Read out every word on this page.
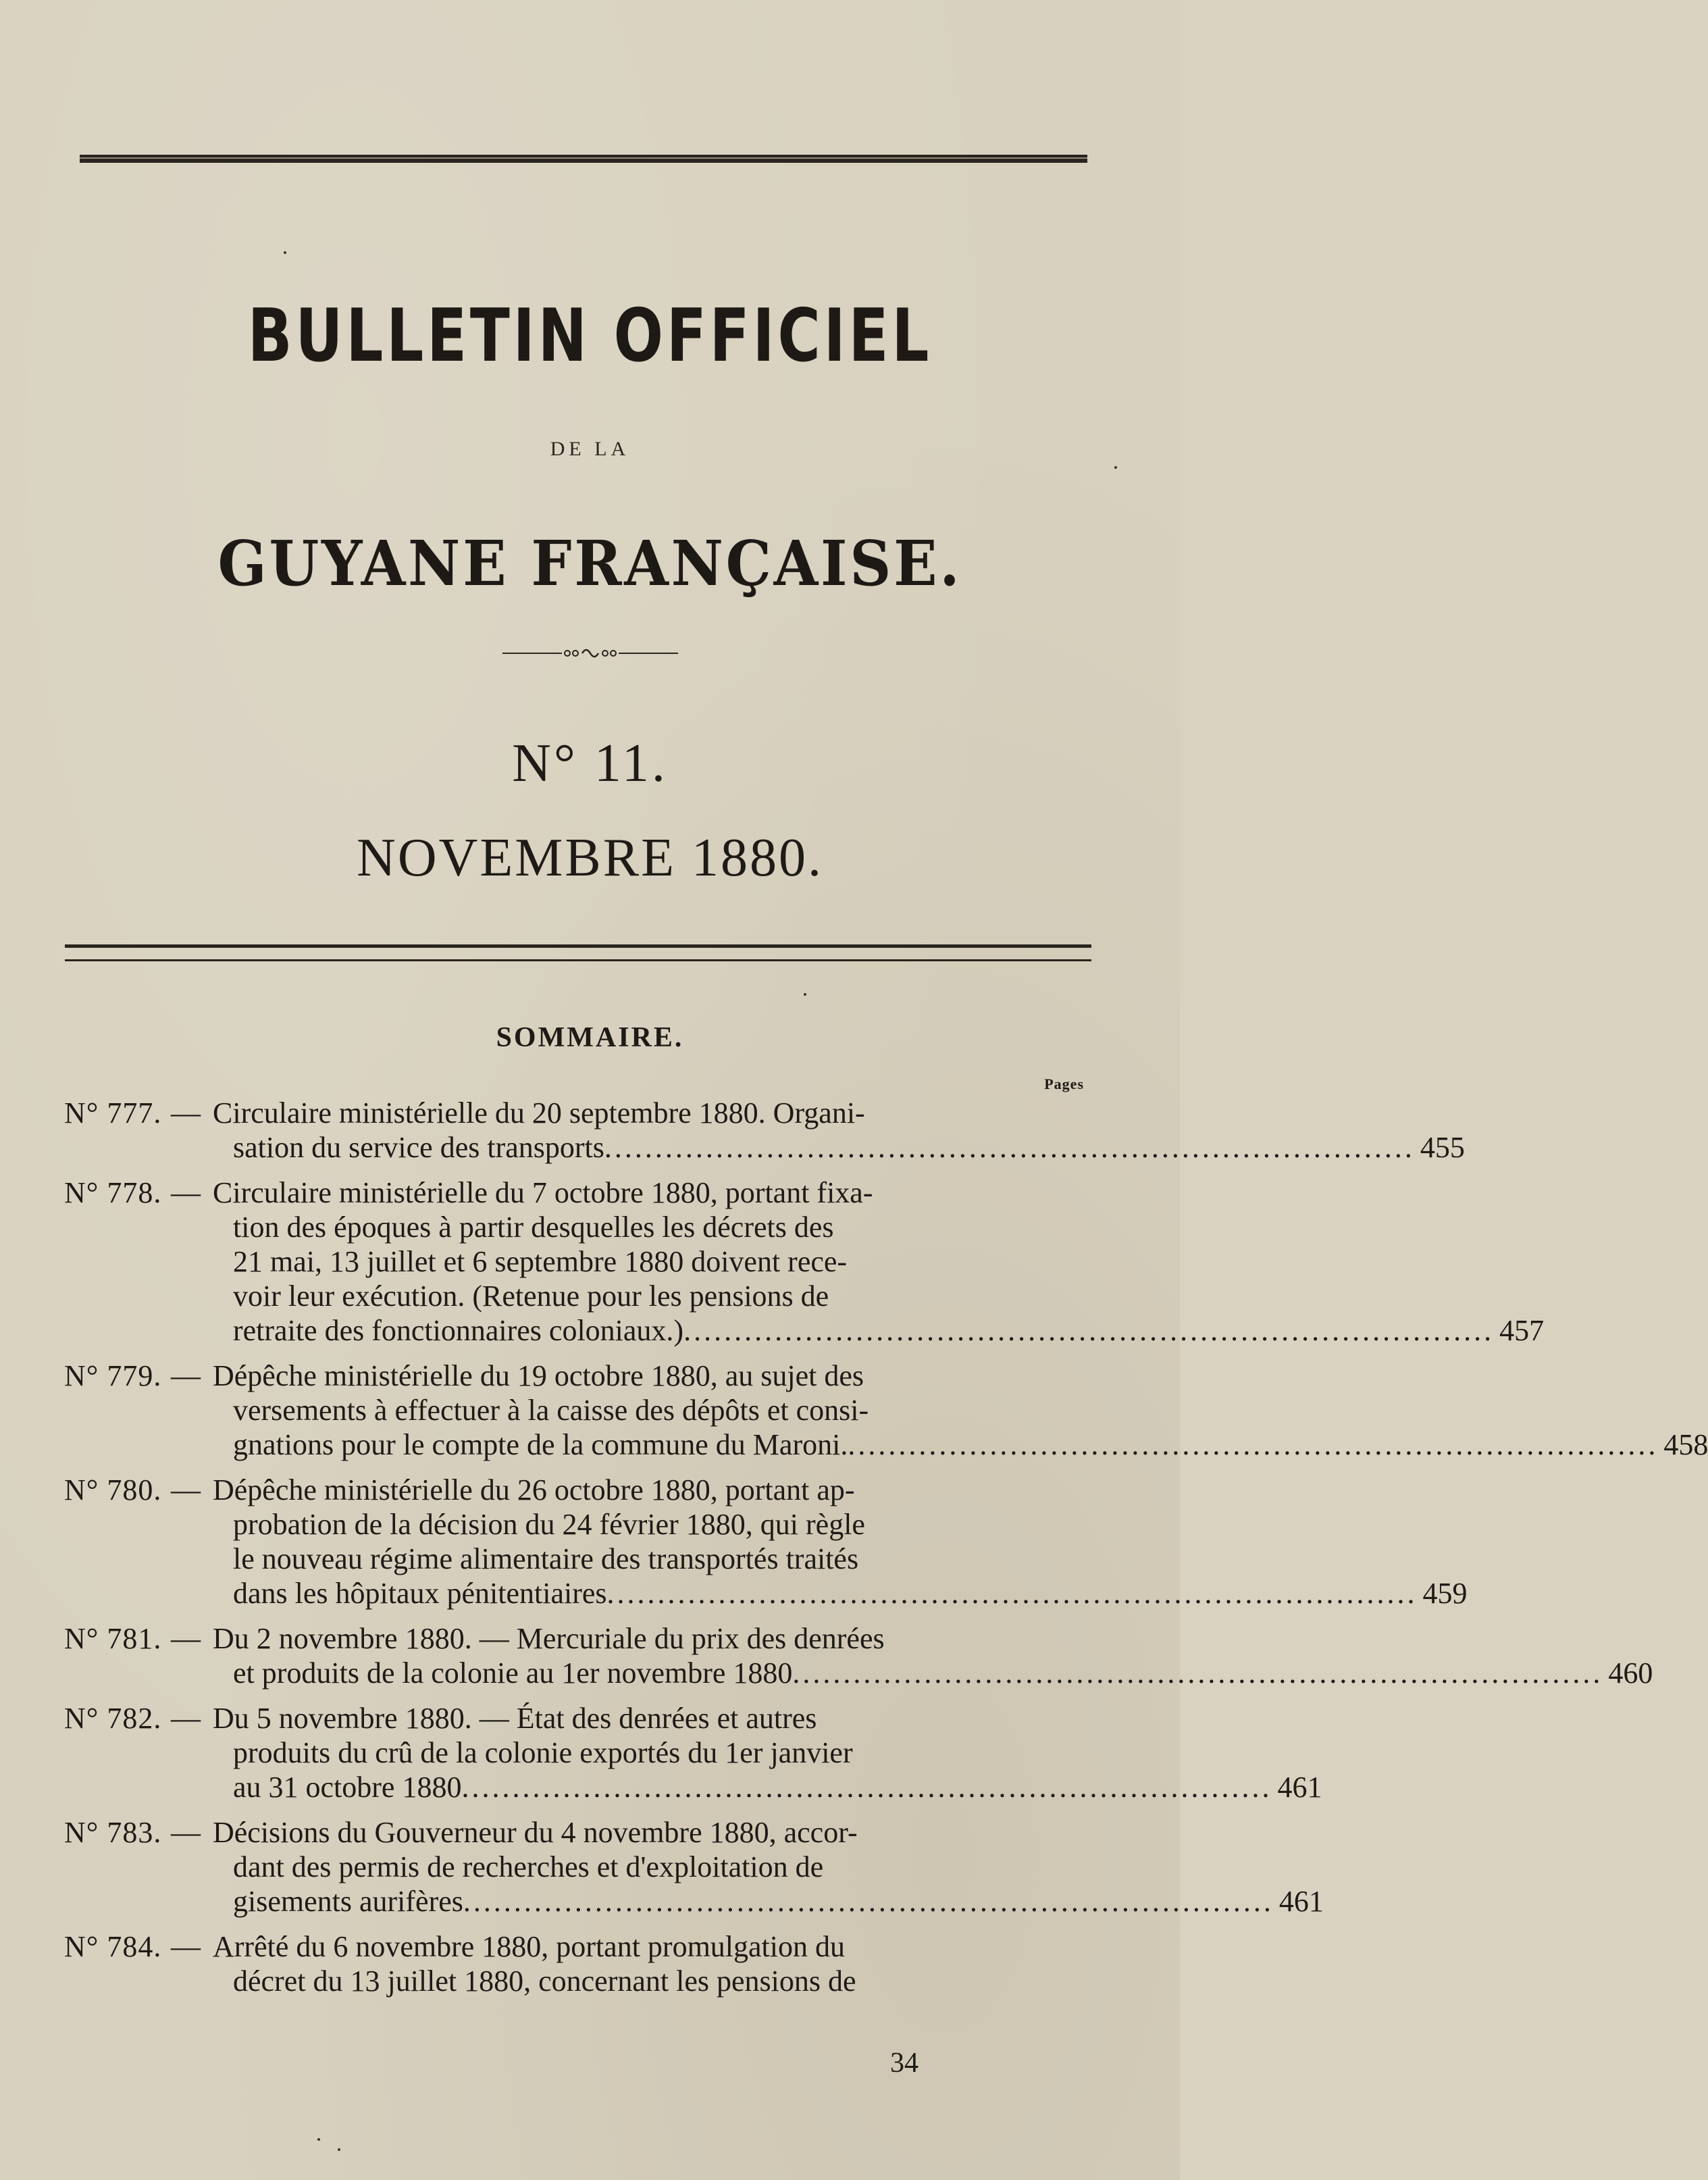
BULLETIN OFFICIEL
DE LA
GUYANE FRANÇAISE.
N° 11.
NOVEMBRE 1880.
SOMMAIRE.
Pages
N° 777. — Circulaire ministérielle du 20 septembre 1880. Organi-
sation du service des transports ................................................................................ 455
N° 778. — Circulaire ministérielle du 7 octobre 1880, portant fixa-
tion des époques à partir desquelles les décrets des
21 mai, 13 juillet et 6 septembre 1880 doivent rece-
voir leur exécution. (Retenue pour les pensions de
retraite des fonctionnaires coloniaux.) ................................................................................ 457
N° 779. — Dépêche ministérielle du 19 octobre 1880, au sujet des
versements à effectuer à la caisse des dépôts et consi-
gnations pour le compte de la commune du Maroni. ................................................................................ 458
N° 780. — Dépêche ministérielle du 26 octobre 1880, portant ap-
probation de la décision du 24 février 1880, qui règle
le nouveau régime alimentaire des transportés traités
dans les hôpitaux pénitentiaires ................................................................................ 459
N° 781. — Du 2 novembre 1880. — Mercuriale du prix des denrées
et produits de la colonie au 1er novembre 1880 ................................................................................ 460
N° 782. — Du 5 novembre 1880. — État des denrées et autres
produits du crû de la colonie exportés du 1er janvier
au 31 octobre 1880 ................................................................................ 461
N° 783. — Décisions du Gouverneur du 4 novembre 1880, accor-
dant des permis de recherches et d'exploitation de
gisements aurifères ................................................................................ 461
N° 784. — Arrêté du 6 novembre 1880, portant promulgation du
décret du 13 juillet 1880, concernant les pensions de
34
